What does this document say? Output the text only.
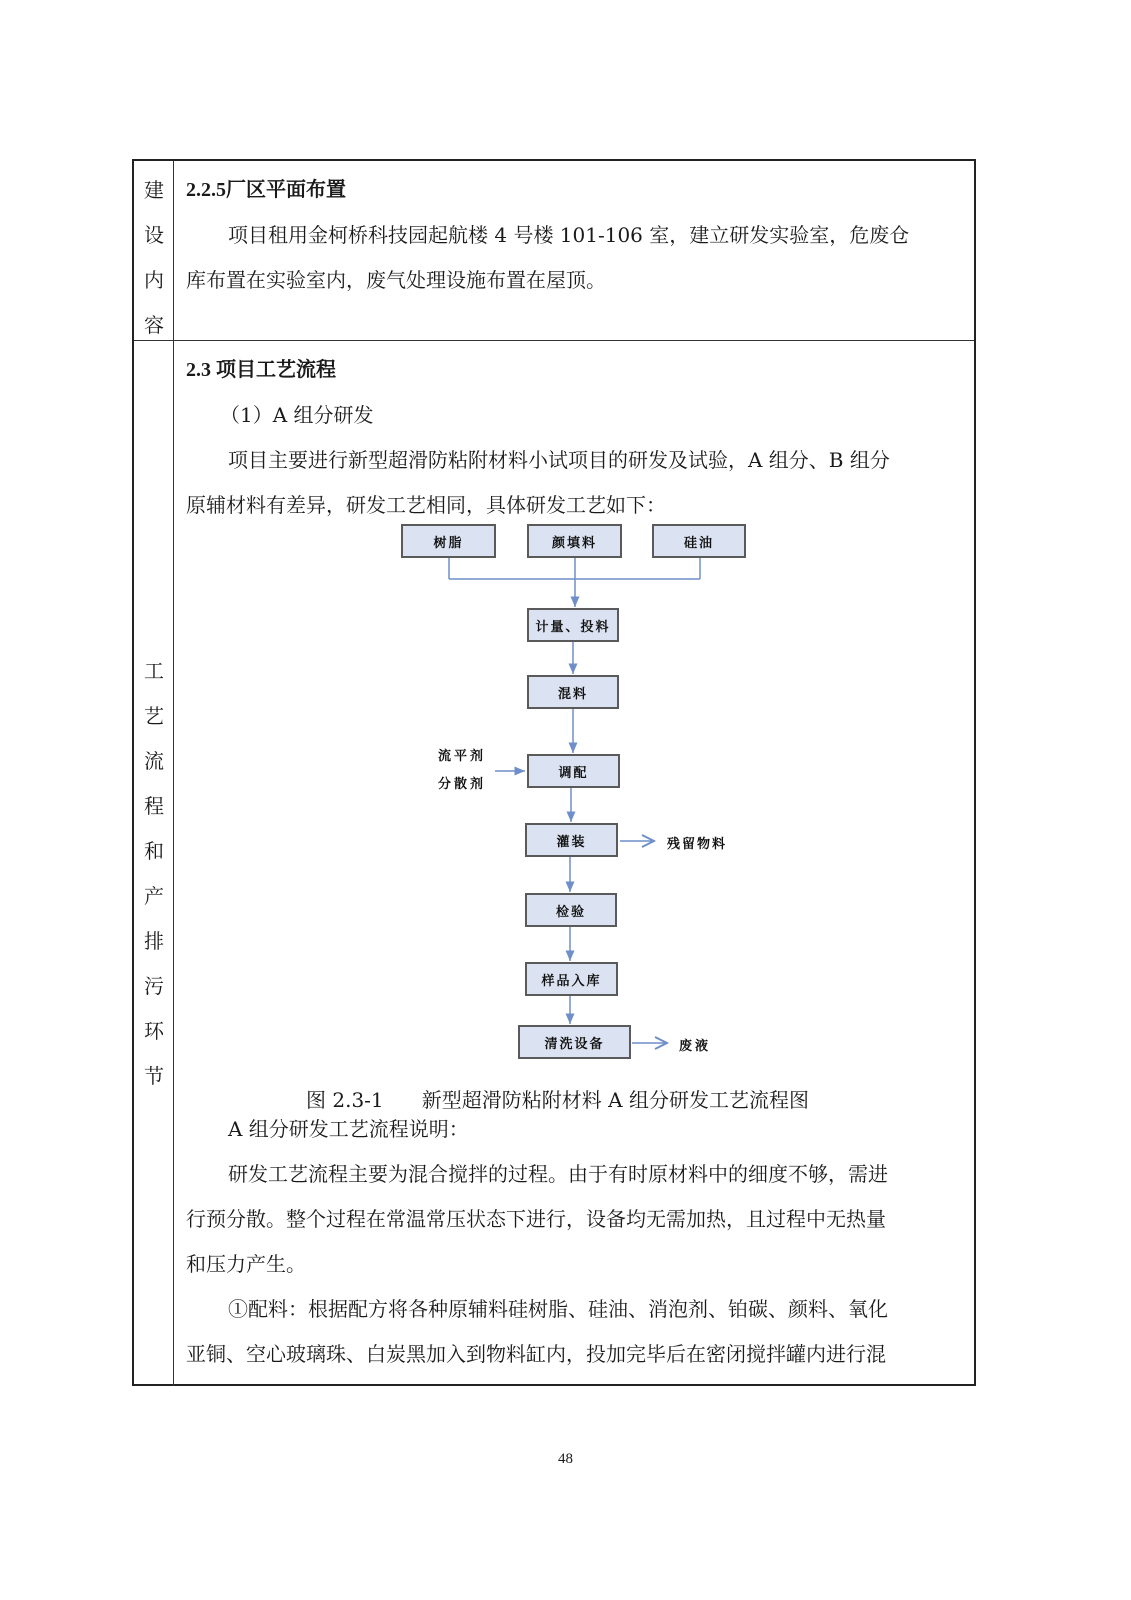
建
设
内
容
2.2.5厂区平面布置
项目租用金柯桥科技园起航楼 4 号楼 101-106 室，建立研发实验室，危废仓
库布置在实验室内，废气处理设施布置在屋顶。
工
艺
流
程
和
产
排
污
环
节
2.3 项目工艺流程
（1）A 组分研发
项目主要进行新型超滑防粘附材料小试项目的研发及试验，A 组分、B 组分
原辅材料有差异，研发工艺相同，具体研发工艺如下：
A 组分研发工艺流程说明：
研发工艺流程主要为混合搅拌的过程。由于有时原材料中的细度不够，需进
行预分散。整个过程在常温常压状态下进行，设备均无需加热，且过程中无热量
和压力产生。
①配料：根据配方将各种原辅料硅树脂、硅油、消泡剂、铂碳、颜料、氧化
亚铜、空心玻璃珠、白炭黑加入到物料缸内，投加完毕后在密闭搅拌罐内进行混
树脂	颜填料	硅油
计量、投料
混料
调配
灌装
检验
样品入库
清洗设备
流平剂
分散剂
残留物料
废液
图 2.3-1      新型超滑防粘附材料 A 组分研发工艺流程图
48
